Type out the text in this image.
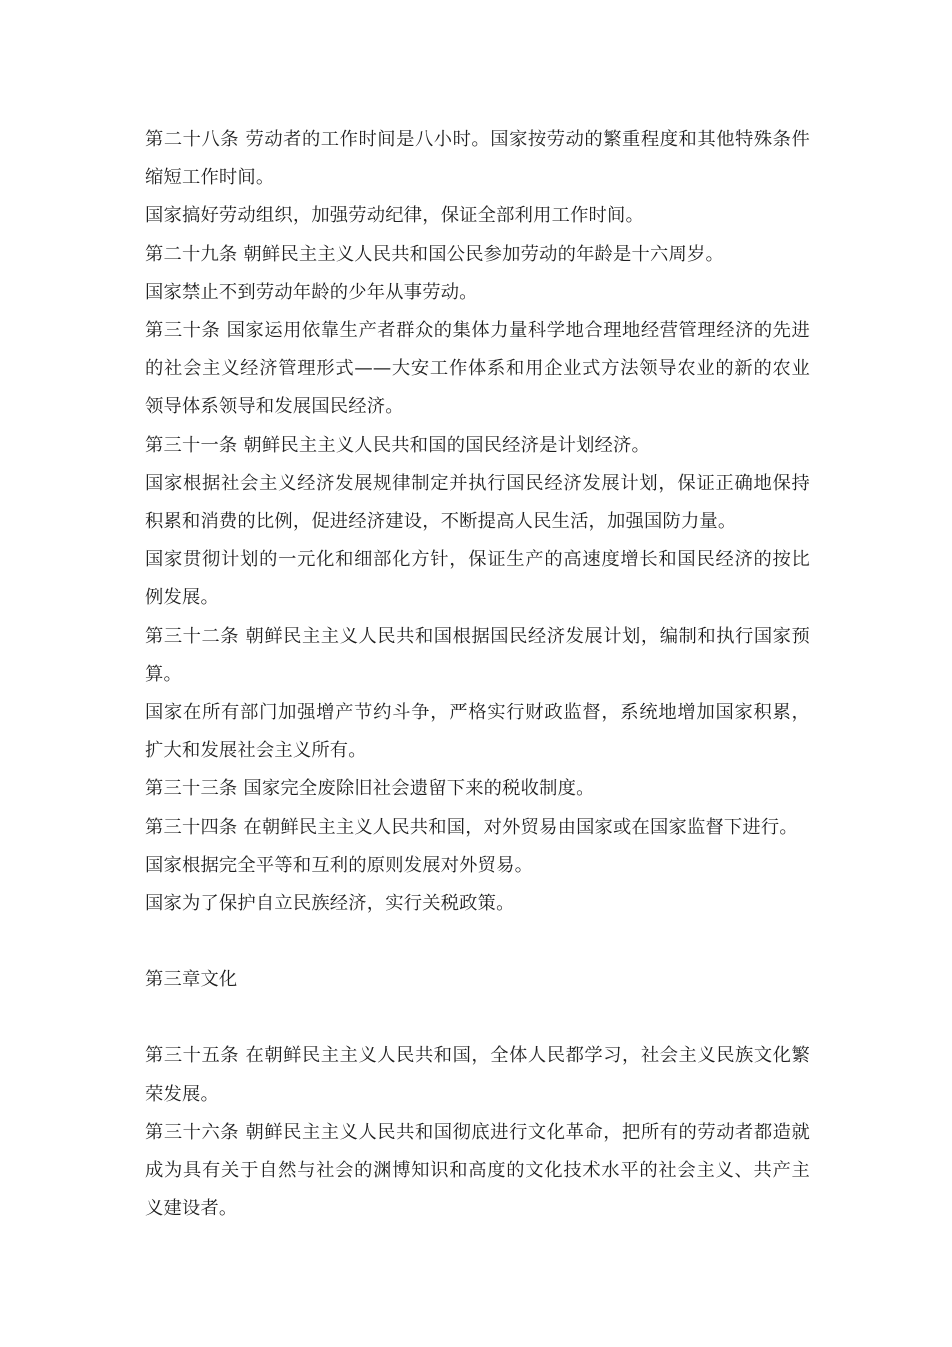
第二十八条 劳动者的工作时间是八小时。国家按劳动的繁重程度和其他特殊条件缩短工作时间。

国家搞好劳动组织，加强劳动纪律，保证全部利用工作时间。

第二十九条 朝鲜民主主义人民共和国公民参加劳动的年龄是十六周岁。

国家禁止不到劳动年龄的少年从事劳动。

第三十条 国家运用依靠生产者群众的集体力量科学地合理地经营管理经济的先进的社会主义经济管理形式——大安工作体系和用企业式方法领导农业的新的农业领导体系领导和发展国民经济。

第三十一条 朝鲜民主主义人民共和国的国民经济是计划经济。

国家根据社会主义经济发展规律制定并执行国民经济发展计划，保证正确地保持积累和消费的比例，促进经济建设，不断提高人民生活，加强国防力量。

国家贯彻计划的一元化和细部化方针，保证生产的高速度增长和国民经济的按比例发展。

第三十二条 朝鲜民主主义人民共和国根据国民经济发展计划，编制和执行国家预算。

国家在所有部门加强增产节约斗争，严格实行财政监督，系统地增加国家积累，扩大和发展社会主义所有。

第三十三条 国家完全废除旧社会遗留下来的税收制度。

第三十四条 在朝鲜民主主义人民共和国，对外贸易由国家或在国家监督下进行。

国家根据完全平等和互利的原则发展对外贸易。

国家为了保护自立民族经济，实行关税政策。

第三章文化

第三十五条 在朝鲜民主主义人民共和国，全体人民都学习，社会主义民族文化繁荣发展。

第三十六条 朝鲜民主主义人民共和国彻底进行文化革命，把所有的劳动者都造就成为具有关于自然与社会的渊博知识和高度的文化技术水平的社会主义、共产主义建设者。
